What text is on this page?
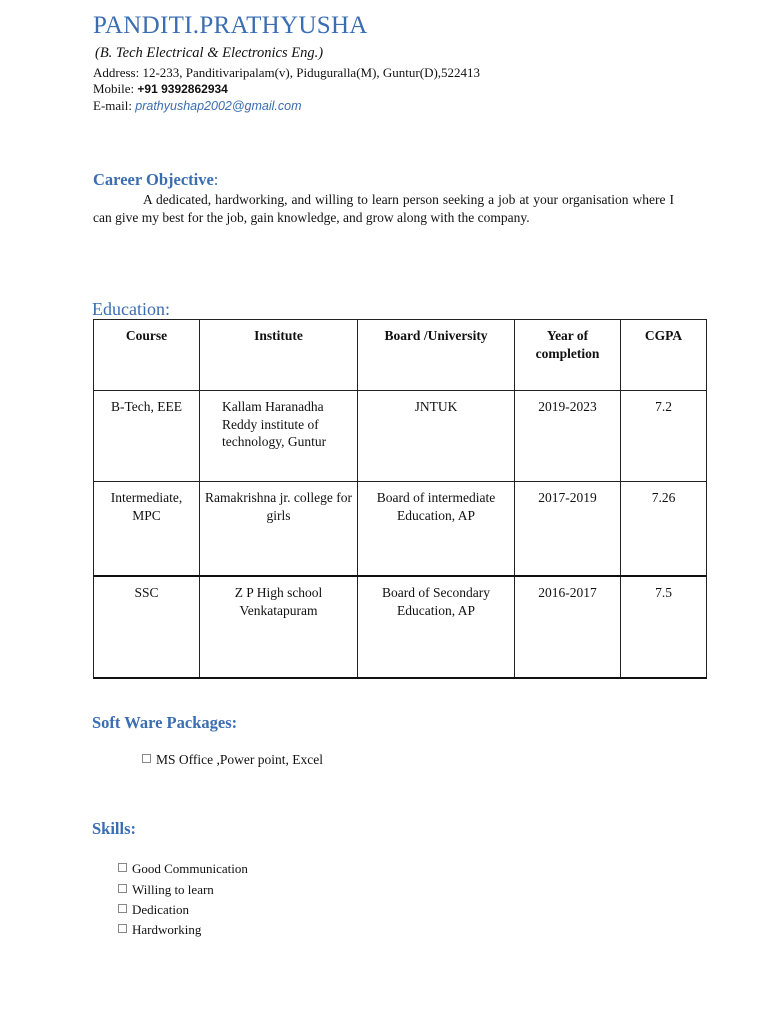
PANDITI.PRATHYUSHA
(B. Tech Electrical & Electronics Eng.)
Address: 12-233, Panditivaripalam(v), Piduguralla(M), Guntur(D),522413
Mobile: +91 9392862934
E-mail: prathyushap2002@gmail.com
Career Objective:
A dedicated, hardworking, and willing to learn person seeking a job at your organisation where I can give my best for the job, gain knowledge, and grow along with the company.
Education:
Course	Institute	Board /University	Year of completion	CGPA
B-Tech, EEE	Kallam Haranadha Reddy institute of technology, Guntur	JNTUK	2019-2023	7.2
Intermediate, MPC	Ramakrishna jr. college for girls	Board of intermediate Education, AP	2017-2019	7.26
SSC	Z P High school Venkatapuram	Board of Secondary Education, AP	2016-2017	7.5
Soft Ware Packages:
MS Office ,Power point, Excel
Skills:
Good Communication
Willing to learn
Dedication
Hardworking
